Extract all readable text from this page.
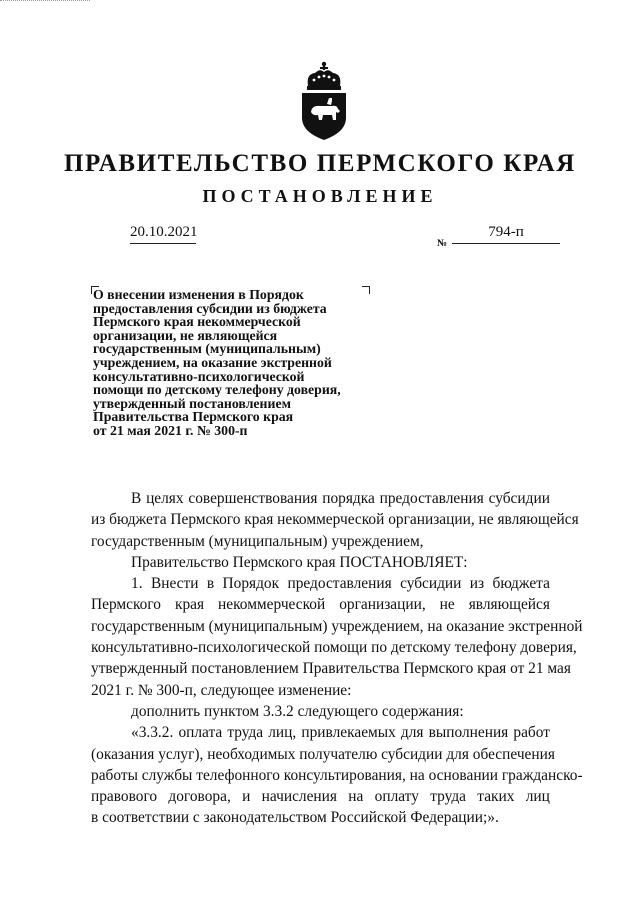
ПРАВИТЕЛЬСТВО ПЕРМСКОГО КРАЯ
ПОСТАНОВЛЕНИЕ
20.10.2021
№
794-п
О внесении изменения в Порядок
предоставления субсидии из бюджета
Пермского края некоммерческой
организации, не являющейся
государственным (муниципальным)
учреждением, на оказание экстренной
консультативно-психологической
помощи по детскому телефону доверия,
утвержденный постановлением
Правительства Пермского края
от 21 мая 2021 г. № 300-п
В целях совершенствования порядка предоставления субсидии
из бюджета Пермского края некоммерческой организации, не являющейся
государственным (муниципальным) учреждением,
Правительство Пермского края ПОСТАНОВЛЯЕТ:
1. Внести в Порядок предоставления субсидии из бюджета
Пермского края некоммерческой организации, не являющейся
государственным (муниципальным) учреждением, на оказание экстренной
консультативно-психологической помощи по детскому телефону доверия,
утвержденный постановлением Правительства Пермского края от 21 мая
2021 г. № 300-п, следующее изменение:
дополнить пунктом 3.3.2 следующего содержания:
«3.3.2. оплата труда лиц, привлекаемых для выполнения работ
(оказания услуг), необходимых получателю субсидии для обеспечения
работы службы телефонного консультирования, на основании гражданско-
правового договора, и начисления на оплату труда таких лиц
в соответствии с законодательством Российской Федерации;».
